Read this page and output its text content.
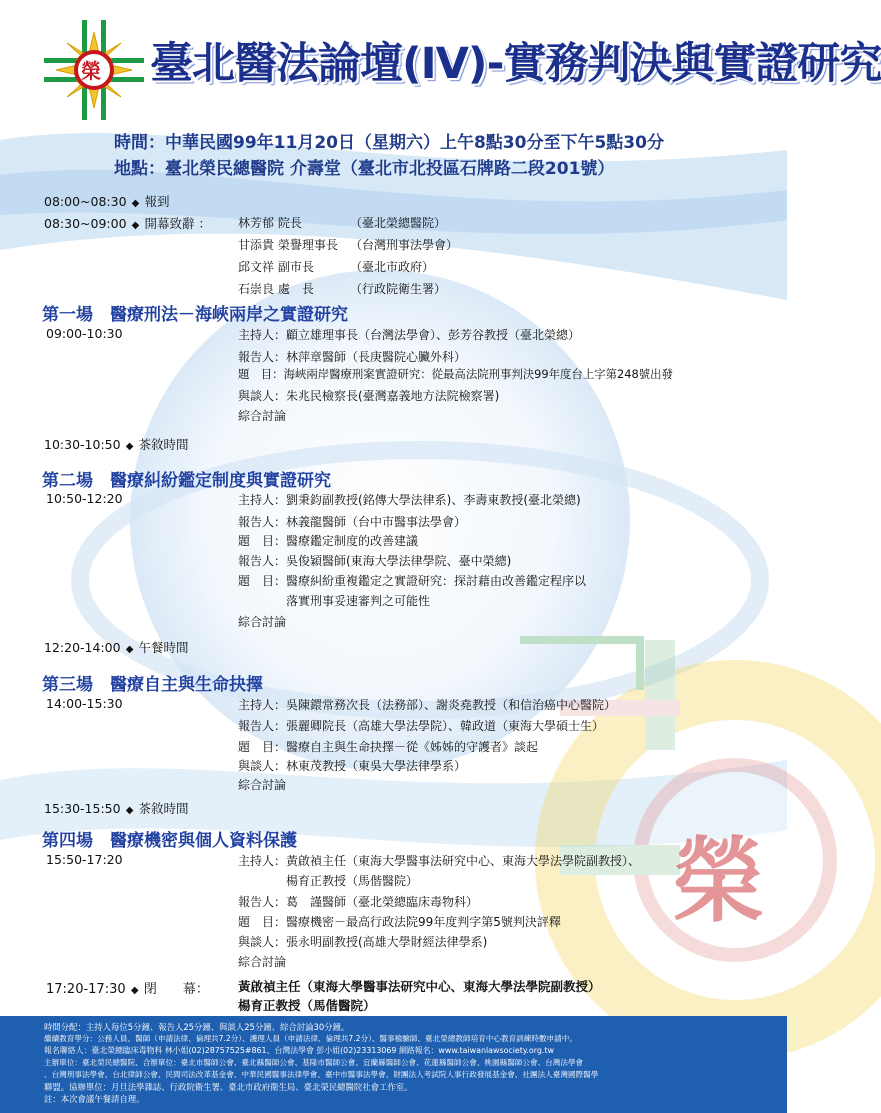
榮
榮 臺北醫法論壇(IV)-實務判決與實證研究
時間：中華民國99年11月20日（星期六）上午8點30分至下午5點30分
地點：臺北榮民總醫院 介壽堂（臺北市北投區石牌路二段201號）
08:00~08:30 ◆ 報到
08:30~09:00 ◆ 開幕致辭 ： 林芳郁 院長	（臺北榮總醫院）
甘添貴 榮譽理事長 （台灣刑事法學會）
邱文祥 副市長	（臺北市政府）
石崇良 處　長	（行政院衛生署）
第一場　醫療刑法－海峽兩岸之實證研究
09:00-10:30	主持人：顧立雄理事長（台灣法學會）、彭芳谷教授（臺北榮總）
報告人：林萍章醫師（長庚醫院心臟外科）
題　目：海峽兩岸醫療刑案實證研究：從最高法院刑事判決99年度台上字第248號出發
與談人：朱兆民檢察長(臺灣嘉義地方法院檢察署)
綜合討論
10:30-10:50 ◆ 茶敘時間
第二場　醫療糾紛鑑定制度與實證研究
10:50-12:20	主持人：劉秉鈞副教授(銘傳大學法律系)、李壽東教授(臺北榮總)
報告人：林義龍醫師（台中市醫事法學會）
題　目：醫療鑑定制度的改善建議
報告人：吳俊穎醫師(東海大學法律學院、臺中榮總)
題　目：醫療糾紛重複鑑定之實證研究：探討藉由改善鑑定程序以
　　　　落實刑事妥速審判之可能性
綜合討論
12:20-14:00 ◆ 午餐時間
第三場　醫療自主與生命抉擇
14:00-15:30	主持人：吳陳鐶常務次長（法務部）、謝炎堯教授（和信治癌中心醫院）
報告人：張麗卿院長（高雄大學法學院）、韓政道（東海大學碩士生）
題　目：醫療自主與生命抉擇－從《姊姊的守護者》談起
與談人：林東茂教授（東吳大學法律學系）
綜合討論
15:30-15:50 ◆ 茶敘時間
第四場　醫療機密與個人資料保護
15:50-17:20	主持人：黃啟禎主任（東海大學醫事法研究中心、東海大學法學院副教授）、
　　　　楊育正教授（馬偕醫院）
報告人：葛　謹醫師（臺北榮總臨床毒物科）
題　目：醫療機密－最高行政法院99年度判字第5號判決評釋
與談人：張永明副教授(高雄大學財經法律學系)
綜合討論
17:20-17:30 ◆ 閉　　幕： 黃啟禎主任（東海大學醫事法研究中心、東海大學法學院副教授）
楊育正教授（馬偕醫院）
時間分配：主持人每位5分鐘、報告人25分鐘、與談人25分鐘、綜合討論30分鐘。
繼續教育學分：公務人員、醫師（申請法律、倫理共7.2分）、護理人員（申請法律、倫理共7.2分）、醫事檢驗師、臺北榮總教師培育中心教育訓練時數申請中。
報名聯絡人：臺北榮總臨床毒物科 林小姐(02)28757525#861、台灣法學會 彭小姐(02)23313069 網路報名：www.taiwanlawsociety.org.tw
主辦單位：臺北榮民總醫院、合辦單位：臺北市醫師公會、臺北縣醫師公會、基隆市醫師公會、宜蘭縣醫師公會、花蓮縣醫師公會、桃園縣醫師公會、台灣法學會
、台灣刑事法學會、台北律師公會、民間司法改革基金會、中華民國醫事法律學會、臺中市醫事法學會、財團法人考試院人事行政發展基金會、社團法人臺灣國際醫學
聯盟。協辦單位：月旦法學雜誌、行政院衛生署、臺北市政府衛生局、臺北榮民總醫院社會工作室。
註：本次會議午餐請自理。
